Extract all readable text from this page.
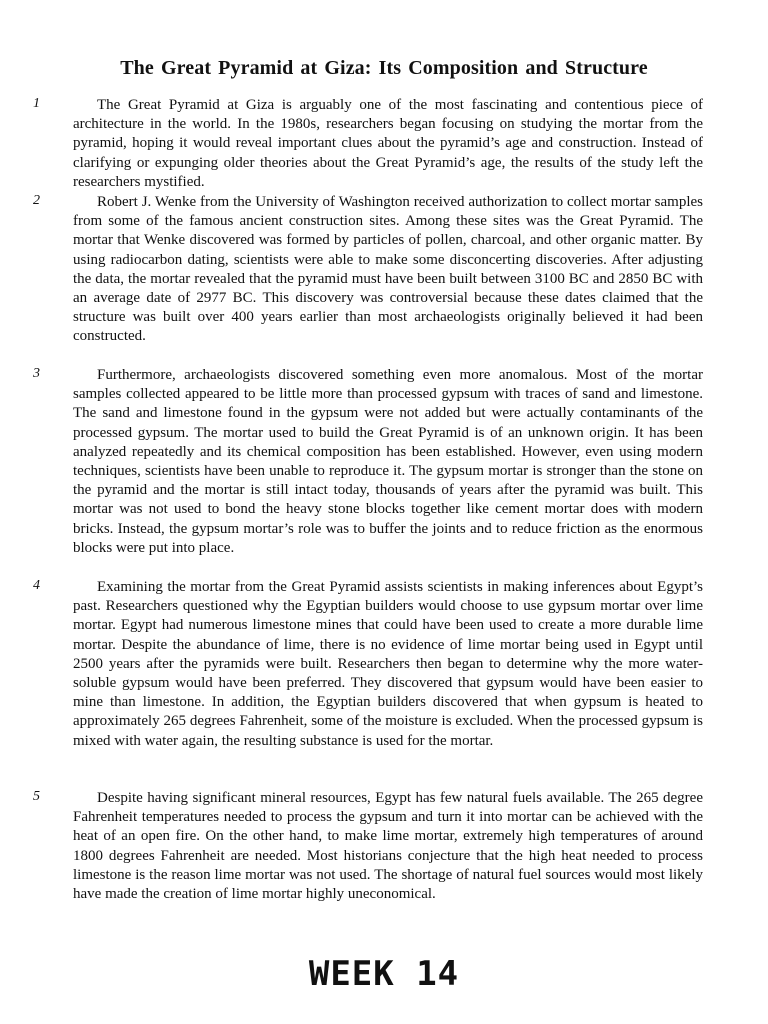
The Great Pyramid at Giza: Its Composition and Structure
1	The Great Pyramid at Giza is arguably one of the most fascinating and contentious piece of architecture in the world. In the 1980s, researchers began focusing on studying the mortar from the pyramid, hoping it would reveal important clues about the pyramid’s age and construction. Instead of clarifying or expunging older theories about the Great Pyramid’s age, the results of the study left the researchers mystified.

2	Robert J. Wenke from the University of Washington received authorization to collect mortar samples from some of the famous ancient construction sites. Among these sites was the Great Pyramid. The mortar that Wenke discovered was formed by particles of pollen, charcoal, and other organic matter. By using radiocarbon dating, scientists were able to make some disconcerting discoveries. After adjusting the data, the mortar revealed that the pyramid must have been built between 3100 BC and 2850 BC with an average date of 2977 BC. This discovery was controversial because these dates claimed that the structure was built over 400 years earlier than most archaeologists originally believed it had been constructed.

3	Furthermore, archaeologists discovered something even more anomalous. Most of the mortar samples collected appeared to be little more than processed gypsum with traces of sand and limestone. The sand and limestone found in the gypsum were not added but were actually contaminants of the processed gypsum. The mortar used to build the Great Pyramid is of an unknown origin. It has been analyzed repeatedly and its chemical composition has been established. However, even using modern techniques, scientists have been unable to reproduce it. The gypsum mortar is stronger than the stone on the pyramid and the mortar is still intact today, thousands of years after the pyramid was built. This mortar was not used to bond the heavy stone blocks together like cement mortar does with modern bricks. Instead, the gypsum mortar’s role was to buffer the joints and to reduce friction as the enormous blocks were put into place.

4	Examining the mortar from the Great Pyramid assists scientists in making inferences about Egypt’s past. Researchers questioned why the Egyptian builders would choose to use gypsum mortar over lime mortar. Egypt had numerous limestone mines that could have been used to create a more durable lime mortar. Despite the abundance of lime, there is no evidence of lime mortar being used in Egypt until 2500 years after the pyramids were built. Researchers then began to determine why the more water-soluble gypsum would have been preferred. They discovered that gypsum would have been easier to mine than limestone. In addition, the Egyptian builders discovered that when gypsum is heated to approximately 265 degrees Fahrenheit, some of the moisture is excluded. When the processed gypsum is mixed with water again, the resulting substance is used for the mortar.

5	Despite having significant mineral resources, Egypt has few natural fuels available. The 265 degree Fahrenheit temperatures needed to process the gypsum and turn it into mortar can be achieved with the heat of an open fire. On the other hand, to make lime mortar, extremely high temperatures of around 1800 degrees Fahrenheit are needed. Most historians conjecture that the high heat needed to process limestone is the reason lime mortar was not used. The shortage of natural fuel sources would most likely have made the creation of lime mortar highly uneconomical.

WEEK 14
